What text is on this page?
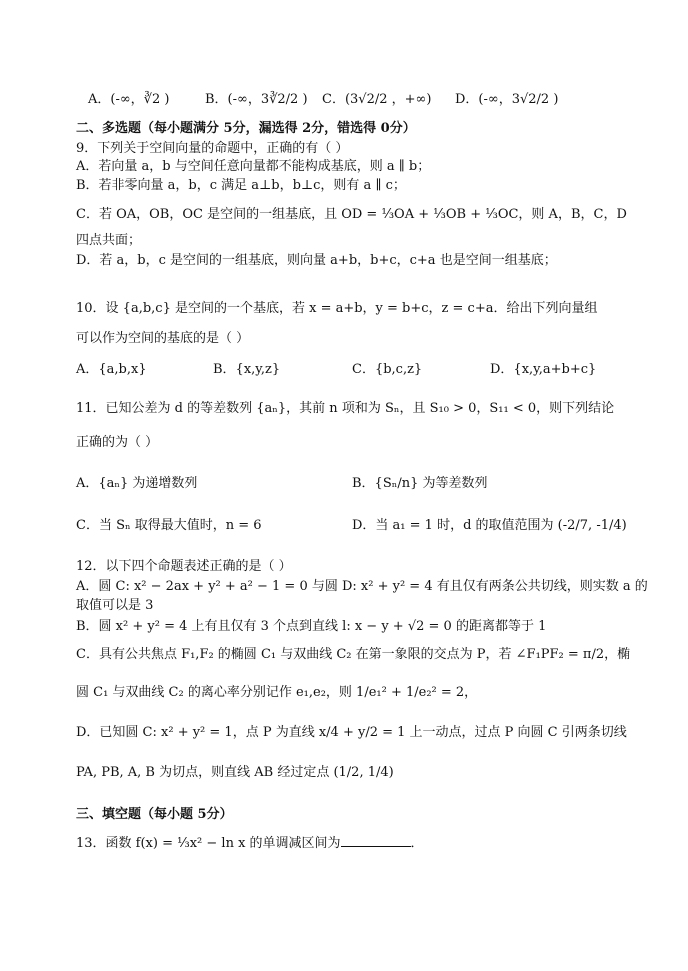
A．(-∞，∛2 )	B．(-∞，3∛2/2 ) C．(3√2/2 ，+∞) D．(-∞，3√2/2 )
二、多选题（每小题满分 5分，漏选得 2分，错选得 0分）
9．下列关于空间向量的命题中，正确的有（ ）
A．若向量 a，b 与空间任意向量都不能构成基底，则 a ∥ b；
B．若非零向量 a，b，c 满足 a⊥b，b⊥c，则有 a ∥ c；
C．若 OA，OB，OC 是空间的一组基底，且 OD = ⅓OA + ⅓OB + ⅓OC，则 A，B，C，D
四点共面；
D．若 a，b，c 是空间的一组基底，则向量 a+b，b+c，c+a 也是空间一组基底；
10．设 {a,b,c} 是空间的一个基底，若 x = a+b，y = b+c，z = c+a．给出下列向量组
可以作为空间的基底的是（ ）
A．{a,b,x}	B．{x,y,z}	C．{b,c,z}	D．{x,y,a+b+c}
11．已知公差为 d 的等差数列 {aₙ}，其前 n 项和为 Sₙ，且 S₁₀ > 0，S₁₁ < 0，则下列结论
正确的为（ ）
A．{aₙ} 为递增数列	B．{Sₙ/n} 为等差数列
C．当 Sₙ 取得最大值时，n = 6	D．当 a₁ = 1 时，d 的取值范围为 (-2/7, -1/4)
12．以下四个命题表述正确的是（ ）
A．圆 C: x² − 2ax + y² + a² − 1 = 0 与圆 D: x² + y² = 4 有且仅有两条公共切线，则实数 a 的
取值可以是 3
B．圆 x² + y² = 4 上有且仅有 3 个点到直线 l: x − y + √2 = 0 的距离都等于 1
C．具有公共焦点 F₁,F₂ 的椭圆 C₁ 与双曲线 C₂ 在第一象限的交点为 P，若 ∠F₁PF₂ = π/2，椭
圆 C₁ 与双曲线 C₂ 的离心率分别记作 e₁,e₂，则 1/e₁² + 1/e₂² = 2，
D．已知圆 C: x² + y² = 1，点 P 为直线 x/4 + y/2 = 1 上一动点，过点 P 向圆 C 引两条切线
PA, PB, A, B 为切点，则直线 AB 经过定点 (1/2, 1/4)
三、填空题（每小题 5分）
13．函数 f(x) = ⅓x² − ln x 的单调减区间为	．
